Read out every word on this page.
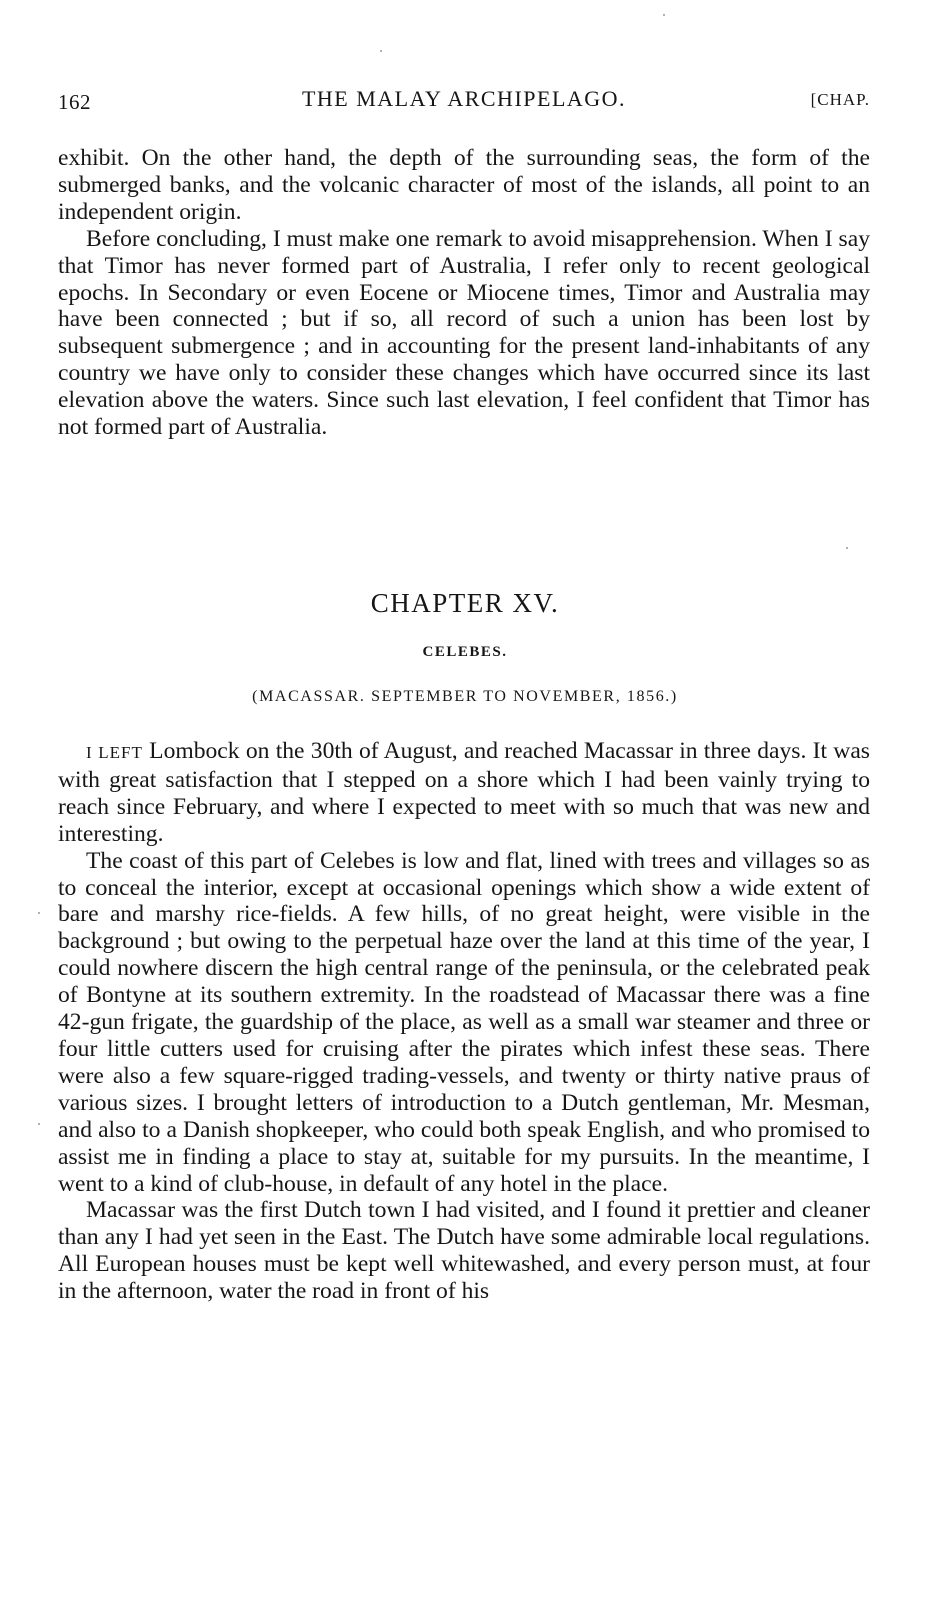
162	THE MALAY ARCHIPELAGO.	[CHAP.

exhibit. On the other hand, the depth of the surrounding seas, the form of the submerged banks, and the volcanic character of most of the islands, all point to an independent origin.

Before concluding, I must make one remark to avoid misapprehension. When I say that Timor has never formed part of Australia, I refer only to recent geological epochs. In Secondary or even Eocene or Miocene times, Timor and Australia may have been connected ; but if so, all record of such a union has been lost by subsequent submergence ; and in accounting for the present land-inhabitants of any country we have only to consider these changes which have occurred since its last elevation above the waters. Since such last elevation, I feel confident that Timor has not formed part of Australia.

CHAPTER XV.
CELEBES.
(MACASSAR. SEPTEMBER TO NOVEMBER, 1856.)

I LEFT Lombock on the 30th of August, and reached Macassar in three days. It was with great satisfaction that I stepped on a shore which I had been vainly trying to reach since February, and where I expected to meet with so much that was new and interesting.

The coast of this part of Celebes is low and flat, lined with trees and villages so as to conceal the interior, except at occasional openings which show a wide extent of bare and marshy rice-fields. A few hills, of no great height, were visible in the background ; but owing to the perpetual haze over the land at this time of the year, I could nowhere discern the high central range of the peninsula, or the celebrated peak of Bontyne at its southern extremity. In the roadstead of Macassar there was a fine 42-gun frigate, the guardship of the place, as well as a small war steamer and three or four little cutters used for cruising after the pirates which infest these seas. There were also a few square-rigged trading-vessels, and twenty or thirty native praus of various sizes. I brought letters of introduction to a Dutch gentleman, Mr. Mesman, and also to a Danish shopkeeper, who could both speak English, and who promised to assist me in finding a place to stay at, suitable for my pursuits. In the meantime, I went to a kind of club-house, in default of any hotel in the place.

Macassar was the first Dutch town I had visited, and I found it prettier and cleaner than any I had yet seen in the East. The Dutch have some admirable local regulations. All European houses must be kept well whitewashed, and every person must, at four in the afternoon, water the road in front of his
